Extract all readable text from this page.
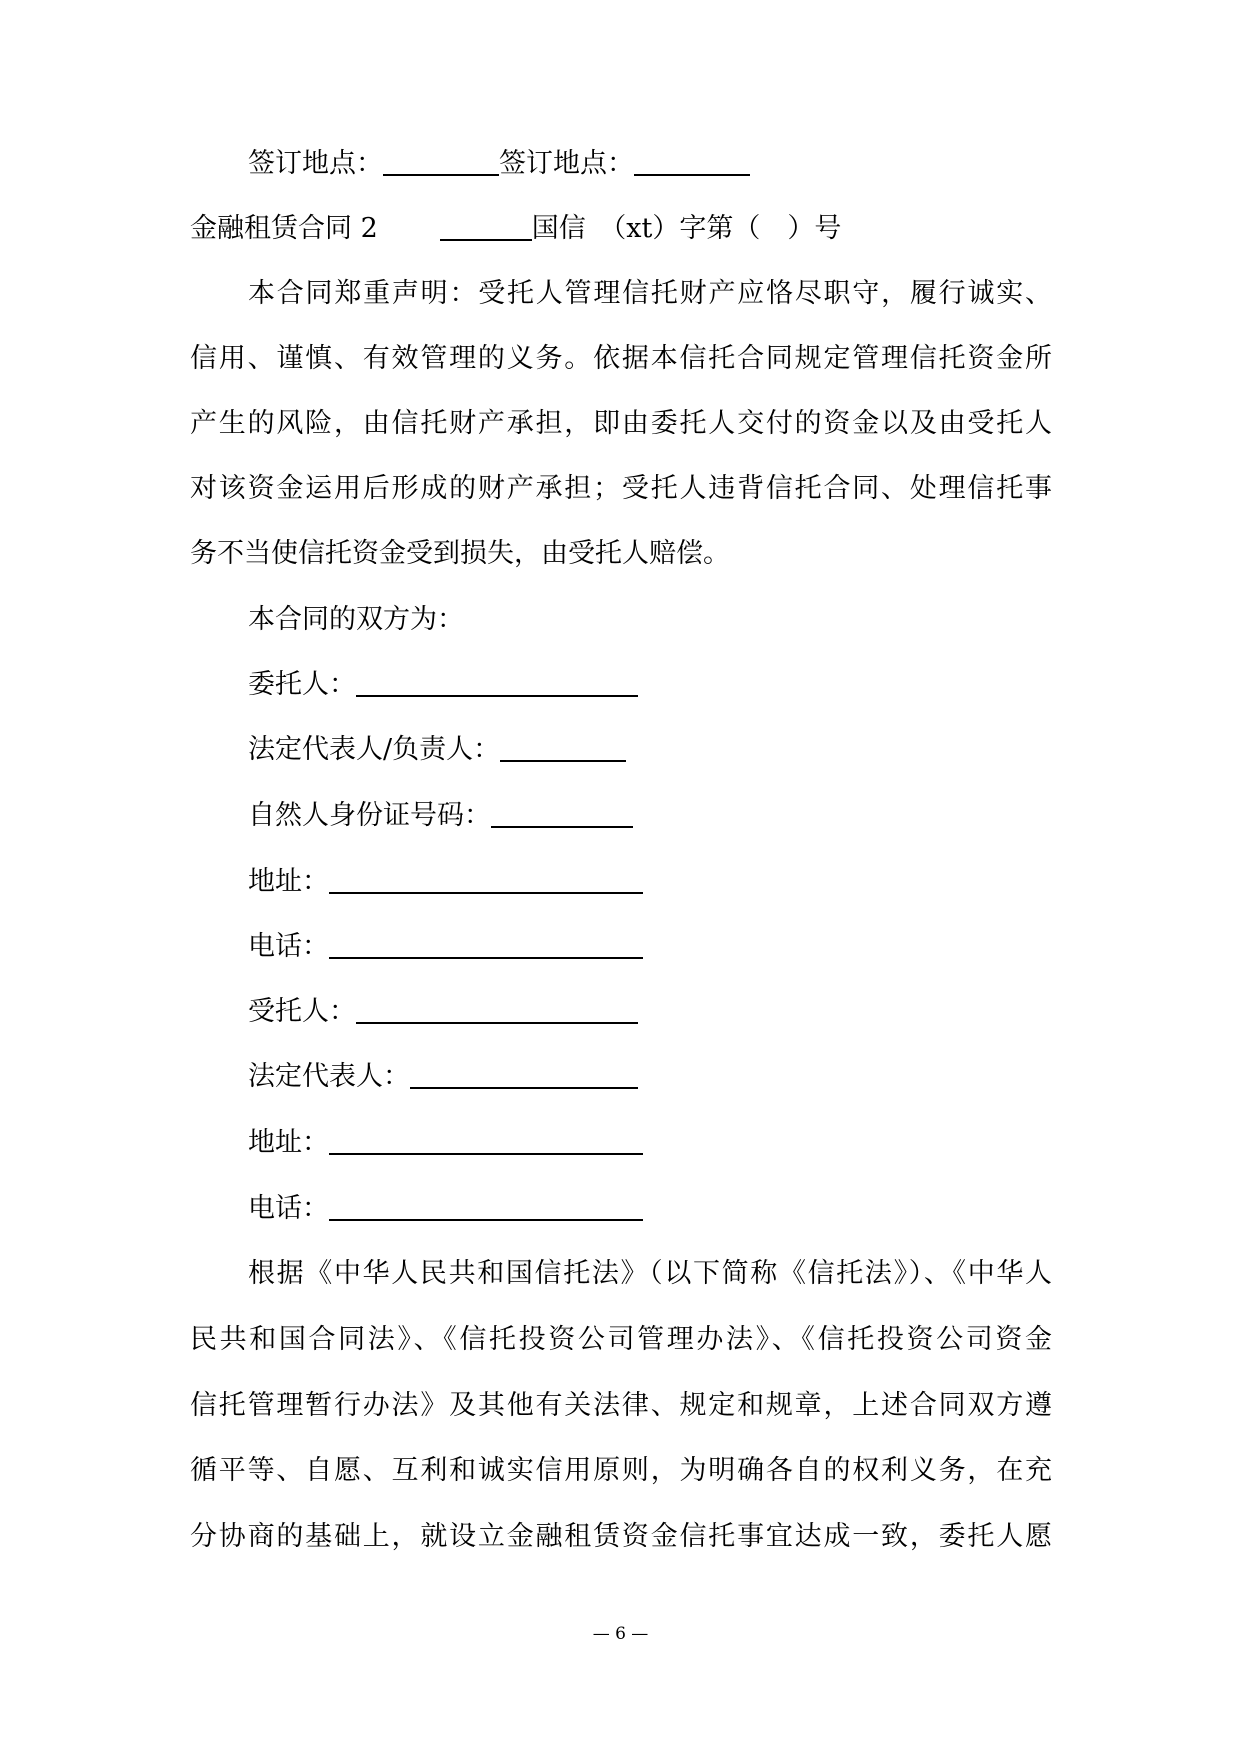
签订地点：	签订地点：
金融租赁合同 2	国信　（xt）字第（　）号
本合同郑重声明：受托人管理信托财产应恪尽职守，履行诚实、
信用、谨慎、有效管理的义务。依据本信托合同规定管理信托资金所
产生的风险，由信托财产承担，即由委托人交付的资金以及由受托人
对该资金运用后形成的财产承担；受托人违背信托合同、处理信托事
务不当使信托资金受到损失，由受托人赔偿。
本合同的双方为：
委托人：
法定代表人/负责人：
自然人身份证号码：
地址：
电话：
受托人：
法定代表人：
地址：
电话：
根据《中华人民共和国信托法》（以下简称《信托法》）、《中华人
民共和国合同法》、《信托投资公司管理办法》、《信托投资公司资金
信托管理暂行办法》及其他有关法律、规定和规章，上述合同双方遵
循平等、自愿、互利和诚实信用原则，为明确各自的权利义务，在充
分协商的基础上，就设立金融租赁资金信托事宜达成一致，委托人愿
— 6 —
